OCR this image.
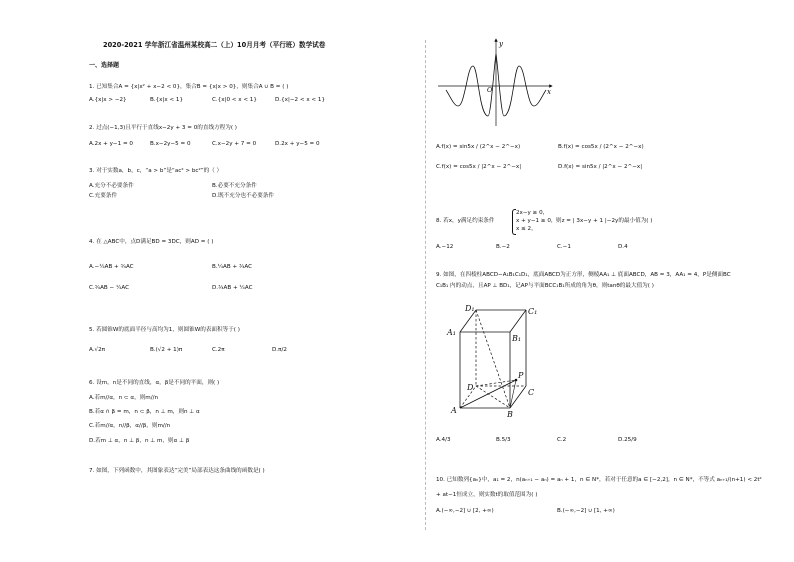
2020-2021 学年浙江省温州某校高二（上）10月月考（平行班）数学试卷
一、选择题
1. 已知集合A = {x|x² + x−2 < 0}，集合B = {x|x > 0}，则集合A ∪ B = ( )
A.{x|x > −2}	B.{x|x < 1}	C.{x|0 < x < 1}	D.{x|−2 < x < 1}
2. 过点(−1,3)且平行于直线x−2y + 3 = 0的直线方程为( )
A.2x + y−1 = 0	B.x−2y−5 = 0	C.x−2y + 7 = 0	D.2x + y−5 = 0
3. 对于实数a，b，c，“a > b”是“ac² > bc²”的（ ）
A.充分不必要条件	B.必要不充分条件
C.充要条件	D.既不充分也不必要条件
4. 在 △ABC中，点D满足BD = 3DC，则AD = ( )
A.−¼AB + ¾AC	B.¼AB + ¾AC
C.¾AB − ¼AC	D.¾AB + ¼AC
5. 若圆锥W的底面半径与高均为1，则圆锥W的表面积等于( )
A.√2π	B.(√2 + 1)π	C.2π	D.π/2
6. 设m，n是不同的直线，α，β是不同的平面，则( )
A.若m//α，n ⊂ α，则m//n
B.若α ∩ β = m，n ⊂ β，n ⊥ m，则n ⊥ α
C.若m//α，n//β，α//β，则m//n
D.若m ⊥ α，n ⊥ β，n ⊥ m，则α ⊥ β
7. 如图，下列函数中，其图象表达“完美”局部表达这条曲线的函数是( )
x
y
O
A.f(x) = sin5x / (2^x − 2^−x)	B.f(x) = cos5x / (2^x − 2^−x)
C.f(x) = cos5x / |2^x − 2^−x|	D.f(x) = sin5x / |2^x − 2^−x|
8. 若x，y满足约束条件
2x−y ≥ 0，
x + y−1 ≥ 0，
x ≤ 2，
则z = | 3x−y + 1 |−2y的最小值为( )
A.−12	B.−2	C.−1	D.4
9. 如图，在四棱柱ABCD−A₁B₁C₁D₁，底面ABCD为正方形，侧棱AA₁ ⊥ 底面ABCD，AB = 3，AA₁ = 4，P是侧面BC
C₁B₁ 内的动点，且AP ⊥ BD₁，记AP与平面BCC₁B₁所成的角为θ，则tanθ的最大值为( )
D₁	C₁
A₁
B₁
D
C
A	B
P
A.4/3	B.5/3	C.2	D.25/9
10. 已知数列{aₙ}中，a₁ = 2，n(aₙ₊₁ − aₙ) = aₙ + 1，n ∈ N*，若对于任意的a ∈ [−2,2]，n ∈ N*，不等式 aₙ₊₁/(n+1) < 2t²
+ at−1恒成立，则实数t的取值范围为( )
A.(−∞,−2] ∪ [2, +∞)	B.(−∞,−2] ∪ [1, +∞)
